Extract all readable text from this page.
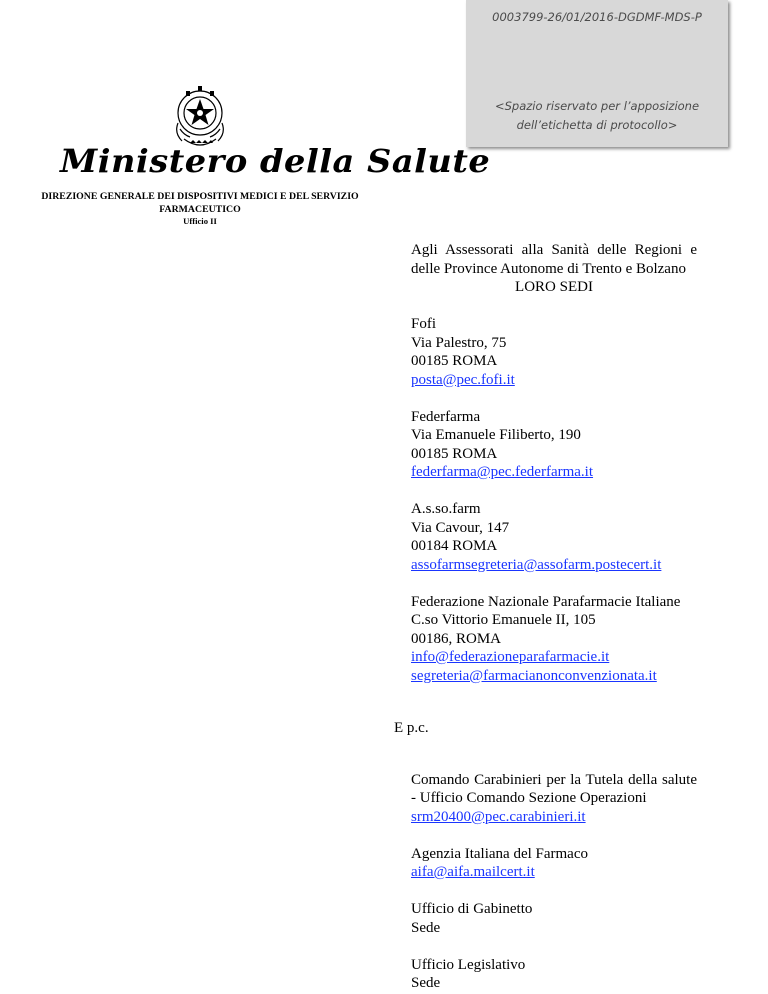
0003799-26/01/2016-DGDMF-MDS-P
<Spazio riservato per l’apposizione
dell’etichetta di protocollo>
Ministero della Salute
DIREZIONE GENERALE DEI DISPOSITIVI MEDICI E DEL SERVIZIO
FARMACEUTICO
Ufficio II

Agli Assessorati alla Sanità delle Regioni e delle Province Autonome di Trento e Bolzano

LORO SEDI

Fofi

Via Palestro, 75

00185 ROMA

posta@pec.fofi.it

Federfarma

Via Emanuele Filiberto, 190

00185 ROMA

federfarma@pec.federfarma.it

A.s.so.farm

Via Cavour, 147

00184 ROMA

assofarmsegreteria@assofarm.postecert.it

Federazione Nazionale Parafarmacie Italiane

C.so Vittorio Emanuele II, 105

00186, ROMA

info@federazioneparafarmacie.it

segreteria@farmacianonconvenzionata.it

E p.c.

Comando Carabinieri per la Tutela della salute - Ufficio Comando Sezione Operazioni

srm20400@pec.carabinieri.it

Agenzia Italiana del Farmaco

aifa@aifa.mailcert.it

Ufficio di Gabinetto

Sede

Ufficio Legislativo

Sede
